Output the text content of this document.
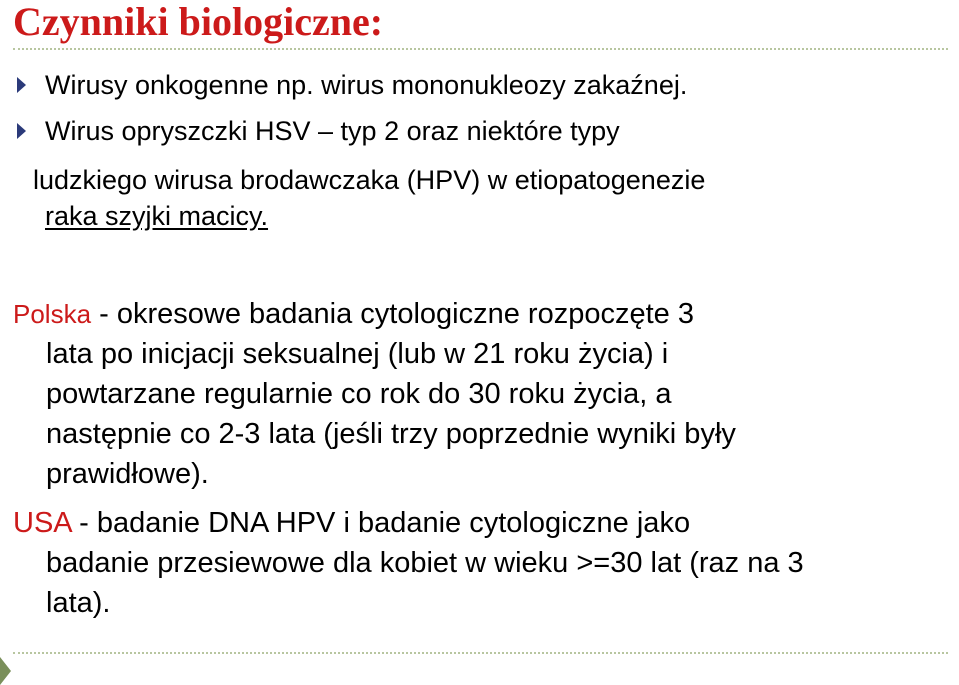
Czynniki biologiczne:
Wirusy onkogenne np. wirus mononukleozy zakaźnej.
Wirus opryszczki HSV – typ 2 oraz niektóre typy
ludzkiego wirusa brodawczaka (HPV) w etiopatogenezie
raka szyjki macicy.
Polska - okresowe badania cytologiczne rozpoczęte 3
lata po inicjacji seksualnej (lub w 21 roku życia) i
powtarzane regularnie co rok do 30 roku życia, a
następnie co 2-3 lata (jeśli trzy poprzednie wyniki były
prawidłowe).
USA - badanie DNA HPV i badanie cytologiczne jako
badanie przesiewowe dla kobiet w wieku >=30 lat (raz na 3
lata).
